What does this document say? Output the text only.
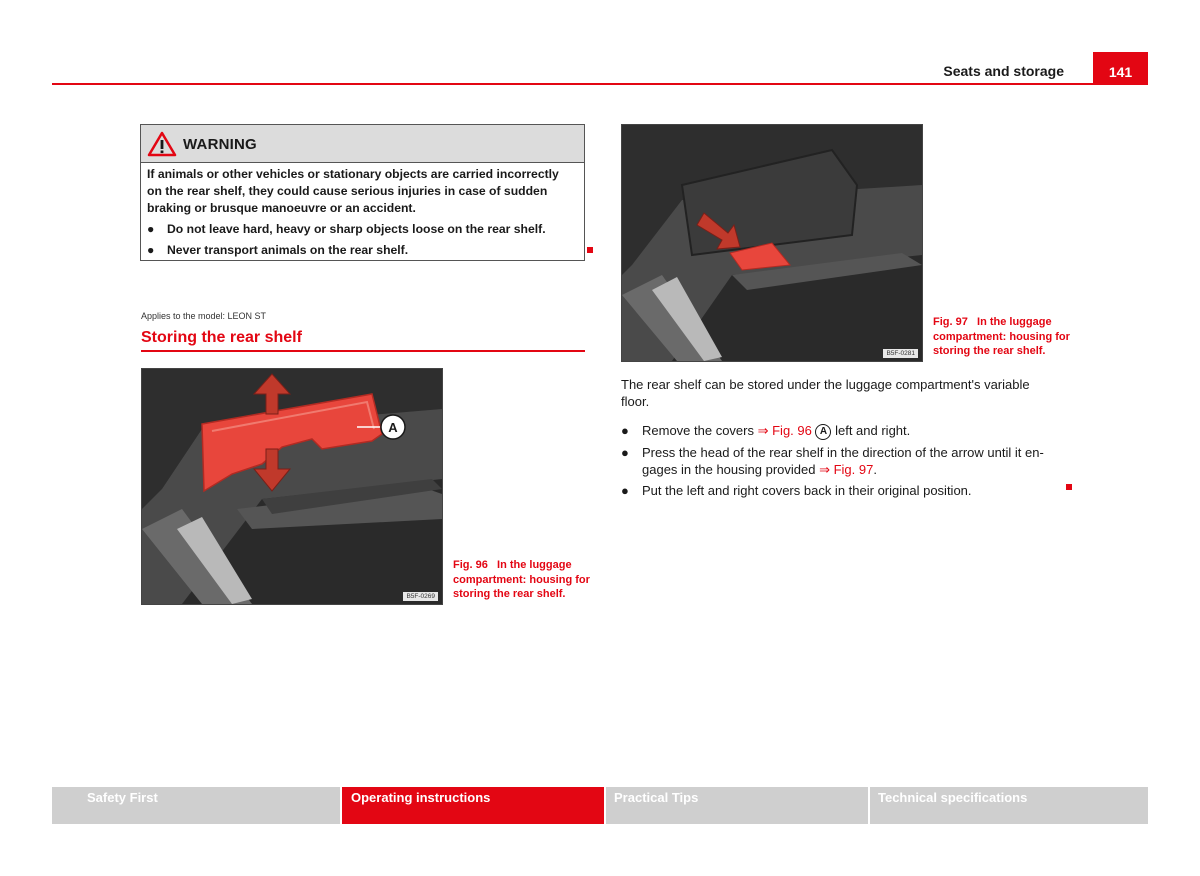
Seats and storage	141
WARNING
If animals or other vehicles or stationary objects are carried incorrectly on the rear shelf, they could cause serious injuries in case of sudden braking or brusque manoeuvre or an accident.
●	Do not leave hard, heavy or sharp objects loose on the rear shelf.
●	Never transport animals on the rear shelf.
Applies to the model: LEON ST
Storing the rear shelf
A
B5F-0269
Fig. 96 In the luggage compartment: housing for storing the rear shelf.
B5F-0281
Fig. 97 In the luggage compartment: housing for storing the rear shelf.

The rear shelf can be stored under the luggage compartment's variable floor.

●	Remove the covers ⇒ Fig. 96 A left and right.
●	Press the head of the rear shelf in the direction of the arrow until it en-gages in the housing provided ⇒ Fig. 97.
●	Put the left and right covers back in their original position.
Safety First	Operating instructions	Practical Tips	Technical specifications
